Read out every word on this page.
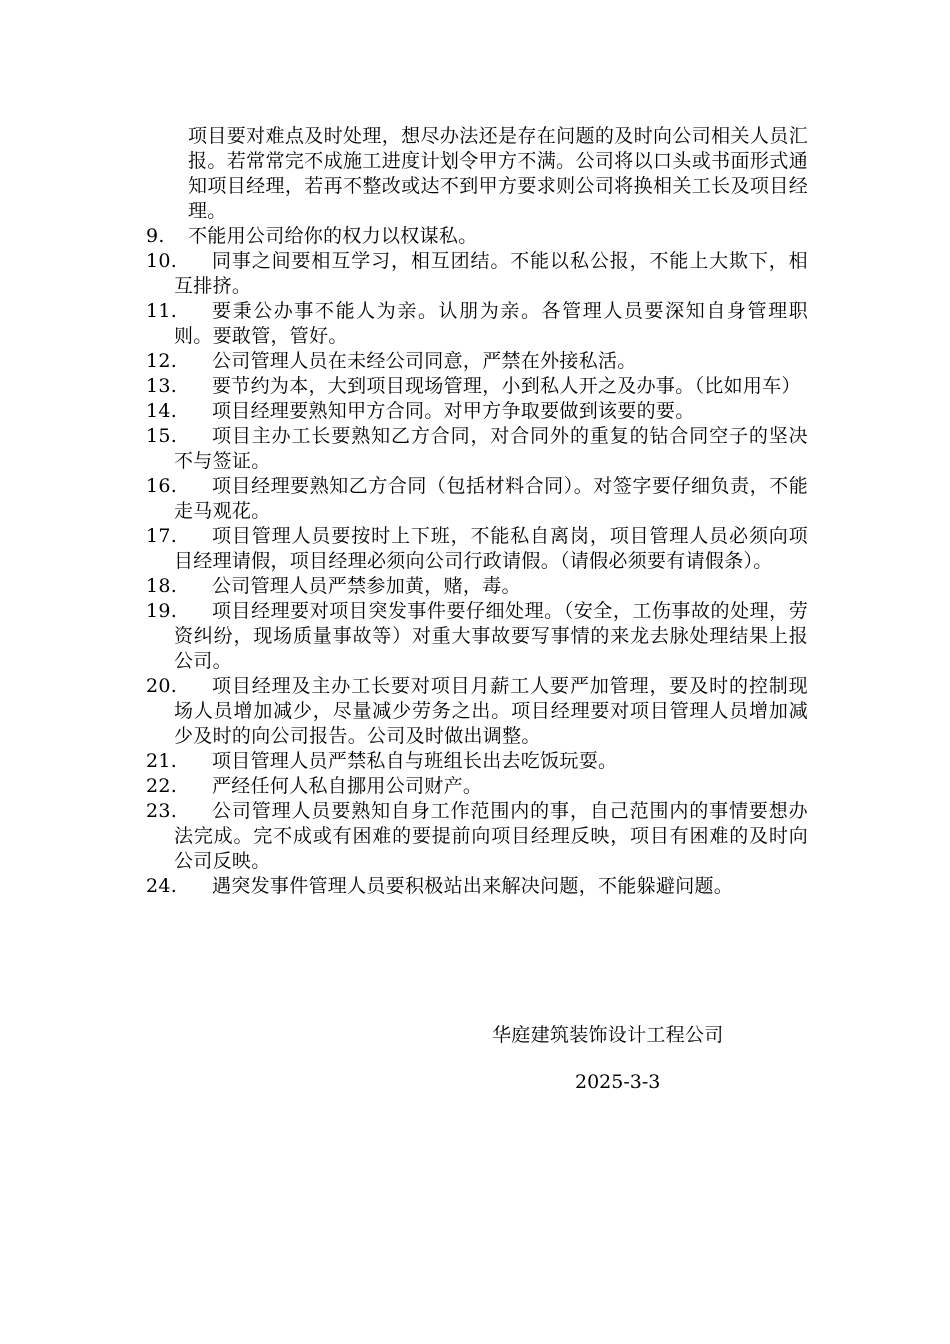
项目要对难点及时处理，想尽办法还是存在问题的及时向公司相关人员汇报。若常常完不成施工进度计划令甲方不满。公司将以口头或书面形式通知项目经理，若再不整改或达不到甲方要求则公司将换相关工长及项目经理。
9.	不能用公司给你的权力以权谋私。
10.	同事之间要相互学习，相互团结。不能以私公报，不能上大欺下，相互排挤。
11.	要秉公办事不能人为亲。认朋为亲。各管理人员要深知自身管理职则。要敢管，管好。
12.	公司管理人员在未经公司同意，严禁在外接私活。
13.	要节约为本，大到项目现场管理，小到私人开之及办事。（比如用车）
14.	项目经理要熟知甲方合同。对甲方争取要做到该要的要。
15.	项目主办工长要熟知乙方合同，对合同外的重复的钻合同空子的坚决不与签证。
16.	项目经理要熟知乙方合同（包括材料合同）。对签字要仔细负责，不能走马观花。
17.	项目管理人员要按时上下班，不能私自离岗，项目管理人员必须向项目经理请假，项目经理必须向公司行政请假。（请假必须要有请假条）。
18.	公司管理人员严禁参加黄，赌，毒。
19.	项目经理要对项目突发事件要仔细处理。（安全，工伤事故的处理，劳资纠纷，现场质量事故等）对重大事故要写事情的来龙去脉处理结果上报公司。
20.	项目经理及主办工长要对项目月薪工人要严加管理，要及时的控制现场人员增加减少，尽量减少劳务之出。项目经理要对项目管理人员增加减少及时的向公司报告。公司及时做出调整。
21.	项目管理人员严禁私自与班组长出去吃饭玩耍。
22.	严经任何人私自挪用公司财产。
23.	公司管理人员要熟知自身工作范围内的事，自己范围内的事情要想办法完成。完不成或有困难的要提前向项目经理反映，项目有困难的及时向公司反映。
24.	遇突发事件管理人员要积极站出来解决问题，不能躲避问题。
华庭建筑装饰设计工程公司
2025-3-3
